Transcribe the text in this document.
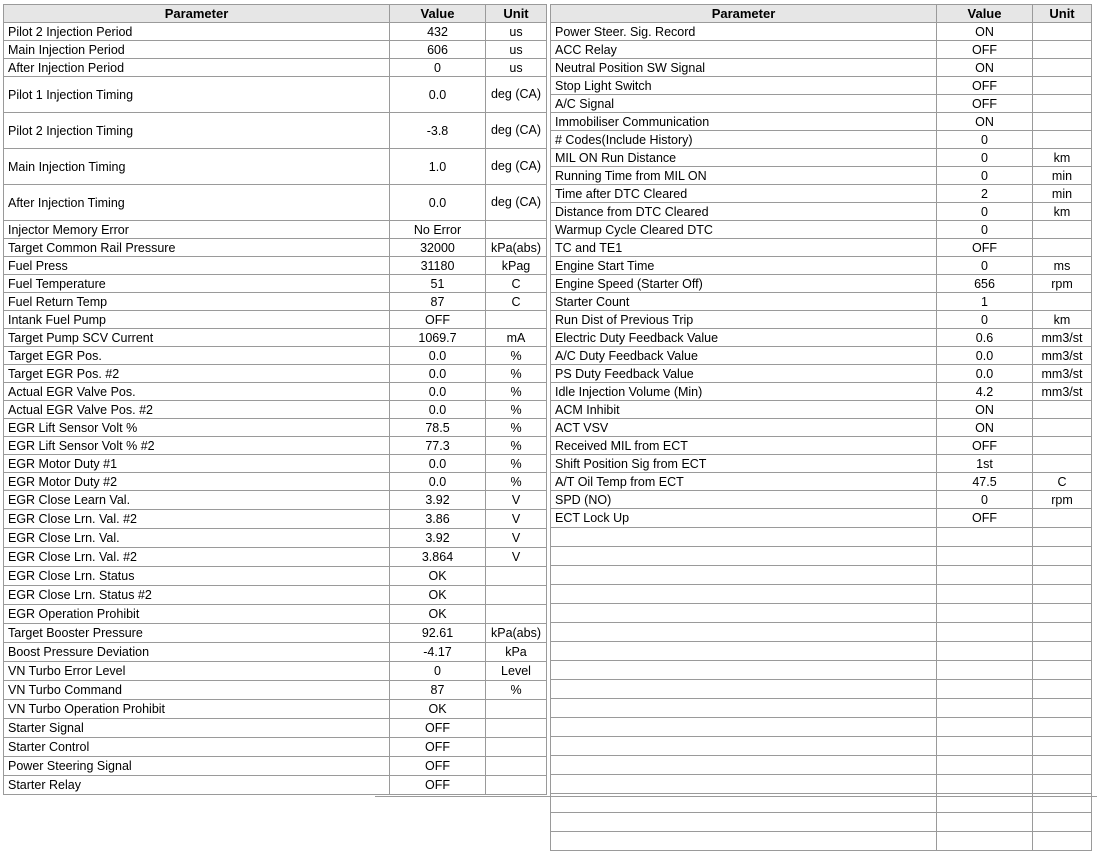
Parameter	Value	Unit
Pilot 2 Injection Period	432	us
Main Injection Period	606	us
After Injection Period	0	us
Pilot 1 Injection Timing	0.0	deg (CA)
Pilot 2 Injection Timing	-3.8	deg (CA)
Main Injection Timing	1.0	deg (CA)
After Injection Timing	0.0	deg (CA)
Injector Memory Error	No Error	
Target Common Rail Pressure	32000	kPa(abs)
Fuel Press	31180	kPag
Fuel Temperature	51	C
Fuel Return Temp	87	C
Intank Fuel Pump	OFF	
Target Pump SCV Current	1069.7	mA
Target EGR Pos.	0.0	%
Target EGR Pos. #2	0.0	%
Actual EGR Valve Pos.	0.0	%
Actual EGR Valve Pos. #2	0.0	%
EGR Lift Sensor Volt %	78.5	%
EGR Lift Sensor Volt % #2	77.3	%
EGR Motor Duty #1	0.0	%
EGR Motor Duty #2	0.0	%
EGR Close Learn Val.	3.92	V
EGR Close Lrn. Val. #2	3.86	V
EGR Close Lrn. Val.	3.92	V
EGR Close Lrn. Val. #2	3.864	V
EGR Close Lrn. Status	OK	
EGR Close Lrn. Status #2	OK	
EGR Operation Prohibit	OK	
Target Booster Pressure	92.61	kPa(abs)
Boost Pressure Deviation	-4.17	kPa
VN Turbo Error Level	0	Level
VN Turbo Command	87	%
VN Turbo Operation Prohibit	OK	
Starter Signal	OFF	
Starter Control	OFF	
Power Steering Signal	OFF	
Starter Relay	OFF	
Parameter	Value	Unit
Power Steer. Sig. Record	ON	
ACC Relay	OFF	
Neutral Position SW Signal	ON	
Stop Light Switch	OFF	
A/C Signal	OFF	
Immobiliser Communication	ON	
# Codes(Include History)	0	
MIL ON Run Distance	0	km
Running Time from MIL ON	0	min
Time after DTC Cleared	2	min
Distance from DTC Cleared	0	km
Warmup Cycle Cleared DTC	0	
TC and TE1	OFF	
Engine Start Time	0	ms
Engine Speed (Starter Off)	656	rpm
Starter Count	1	
Run Dist of Previous Trip	0	km
Electric Duty Feedback Value	0.6	mm3/st
A/C Duty Feedback Value	0.0	mm3/st
PS Duty Feedback Value	0.0	mm3/st
Idle Injection Volume (Min)	4.2	mm3/st
ACM Inhibit	ON	
ACT VSV	ON	
Received MIL from ECT	OFF	
Shift Position Sig from ECT	1st	
A/T Oil Temp from ECT	47.5	C
SPD (NO)	0	rpm
ECT Lock Up	OFF	
